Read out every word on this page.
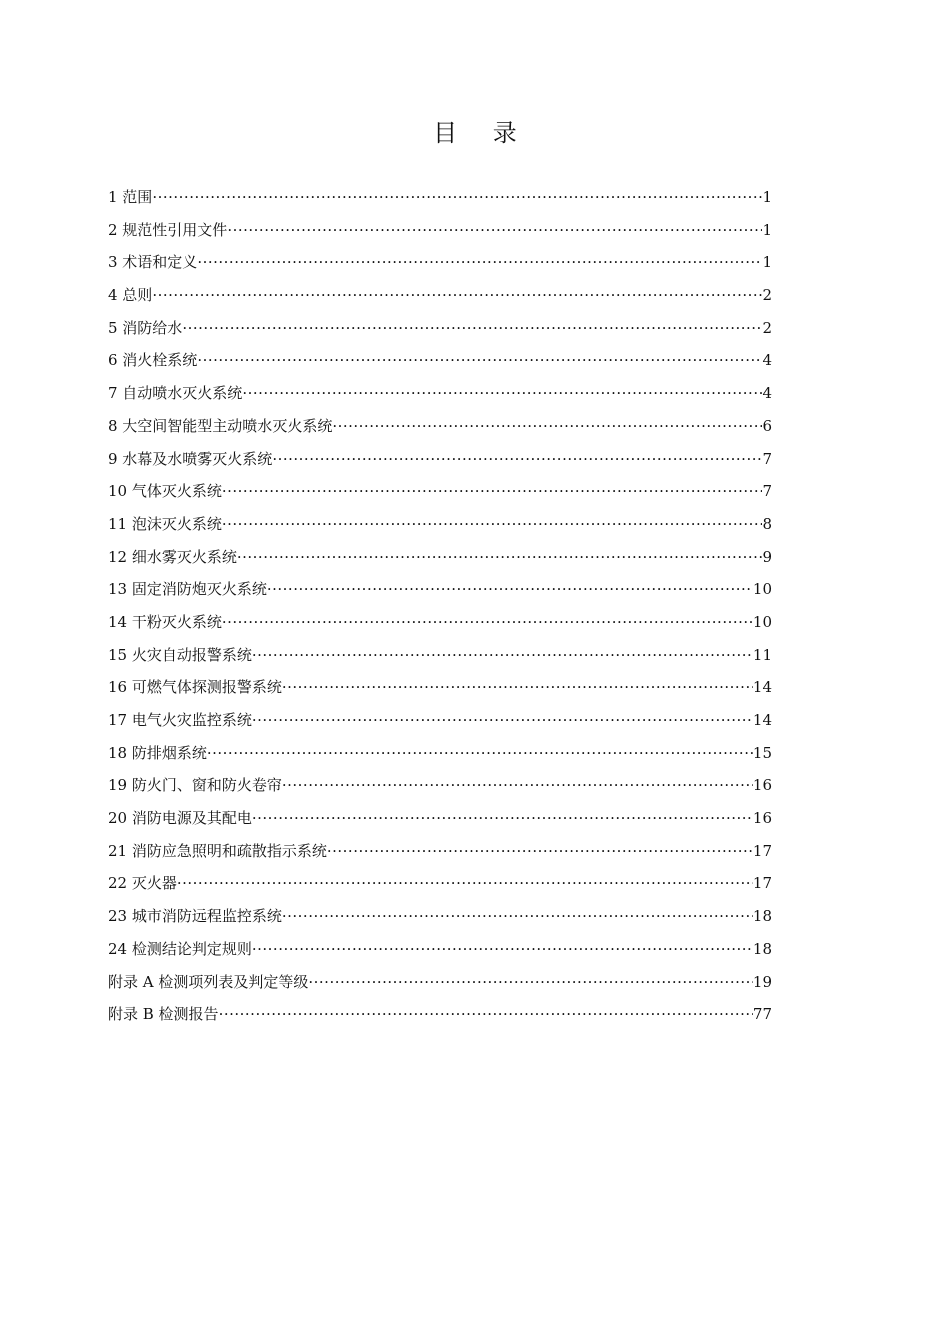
目 录
1 范围 ·····	1
2 规范性引用文件 ·····	1
3 术语和定义 ·····	1
4 总则 ·····	2
5 消防给水 ·····	2
6 消火栓系统 ·····	4
7 自动喷水灭火系统 ·····	4
8 大空间智能型主动喷水灭火系统 ·····	6
9 水幕及水喷雾灭火系统 ·····	7
10 气体灭火系统 ·····	7
11 泡沫灭火系统 ·····	8
12 细水雾灭火系统 ·····	9
13 固定消防炮灭火系统 ·····	10
14 干粉灭火系统 ·····	10
15 火灾自动报警系统 ·····	11
16 可燃气体探测报警系统 ·····	14
17 电气火灾监控系统 ·····	14
18 防排烟系统 ·····	15
19 防火门、窗和防火卷帘 ·····	16
20 消防电源及其配电 ·····	16
21 消防应急照明和疏散指示系统 ·····	17
22 灭火器 ·····	17
23 城市消防远程监控系统 ·····	18
24 检测结论判定规则 ·····	18
附录 A 检测项列表及判定等级 ·····	19
附录 B 检测报告 ·····	77
